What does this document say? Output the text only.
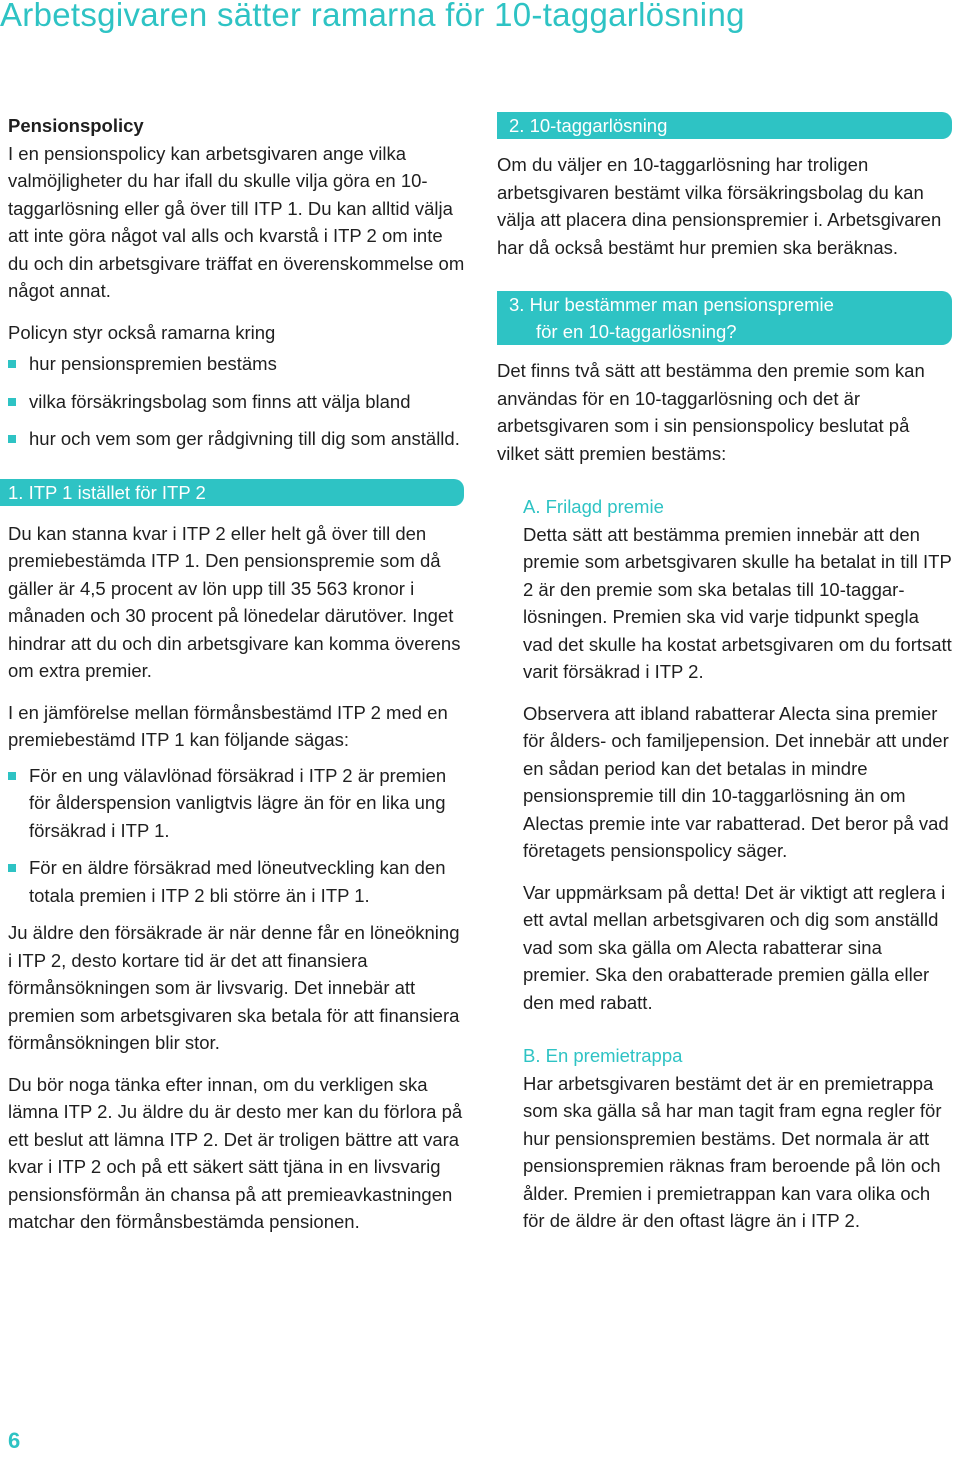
Arbetsgivaren sätter ramarna för 10-taggarlösning

Pensionspolicy

I en pensionspolicy kan arbetsgivaren ange vilka valmöjligheter du har ifall du skulle vilja göra en 10-taggarlösning eller gå över till ITP 1. Du kan alltid välja att inte göra något val alls och kvarstå i ITP 2 om inte du och din arbetsgivare träffat en överenskommelse om något annat.

Policyn styr också ramarna kring

hur pensionspremien bestäms
vilka försäkringsbolag som finns att välja bland
hur och vem som ger rådgivning till dig som anställd.
1. ITP 1 istället för ITP 2

Du kan stanna kvar i ITP 2 eller helt gå över till den premiebestämda ITP 1. Den pensionspremie som då gäller är 4,5 procent av lön upp till 35 563 kronor i månaden och 30 procent på lönedelar därutöver. Inget hindrar att du och din arbetsgivare kan komma överens om extra premier.

I en jämförelse mellan förmånsbestämd ITP 2 med en premiebestämd ITP 1 kan följande sägas:

För en ung välavlönad försäkrad i ITP 2 är premien för ålderspension vanligtvis lägre än för en lika ung försäkrad i ITP 1.
För en äldre försäkrad med löneutveckling kan den totala premien i ITP 2 bli större än i ITP 1.

Ju äldre den försäkrade är när denne får en löneökning i ITP 2, desto kortare tid är det att finansiera förmånsökningen som är livsvarig. Det innebär att premien som arbetsgivaren ska betala för att finansiera förmånsökningen blir stor.

Du bör noga tänka efter innan, om du verkligen ska lämna ITP 2. Ju äldre du är desto mer kan du förlora på ett beslut att lämna ITP 2. Det är troligen bättre att vara kvar i ITP 2 och på ett säkert sätt tjäna in en livsvarig pensionsförmån än chansa på att premieavkastningen matchar den förmånsbestämda pensionen.

2. 10-taggarlösning

Om du väljer en 10-taggarlösning har troligen arbetsgivaren bestämt vilka försäkringsbolag du kan välja att placera dina pensionspremier i. Arbetsgivaren har då också bestämt hur premien ska beräknas.

3. Hur bestämmer man pensionspremie
för en 10-taggarlösning?

Det finns två sätt att bestämma den premie som kan användas för en 10-taggarlösning och det är arbetsgivaren som i sin pensionspolicy beslutat på vilket sätt premien bestäms:

A. Frilagd premie

Detta sätt att bestämma premien innebär att den premie som arbetsgivaren skulle ha betalat in till ITP 2 är den premie som ska betalas till 10-taggar-lösningen. Premien ska vid varje tidpunkt spegla vad det skulle ha kostat arbetsgivaren om du fortsatt varit försäkrad i ITP 2.

Observera att ibland rabatterar Alecta sina premier för ålders- och familjepension. Det innebär att under en sådan period kan det betalas in mindre pensionspremie till din 10-taggarlösning än om Alectas premie inte var rabatterad. Det beror på vad företagets pensionspolicy säger.

Var uppmärksam på detta! Det är viktigt att reglera i ett avtal mellan arbetsgivaren och dig som anställd vad som ska gälla om Alecta rabatterar sina premier. Ska den orabatterade premien gälla eller den med rabatt.

B. En premietrappa

Har arbetsgivaren bestämt det är en premietrappa som ska gälla så har man tagit fram egna regler för hur pensionspremien bestäms. Det normala är att pensionspremien räknas fram beroende på lön och ålder. Premien i premietrappan kan vara olika och för de äldre är den oftast lägre än i ITP 2.

6
